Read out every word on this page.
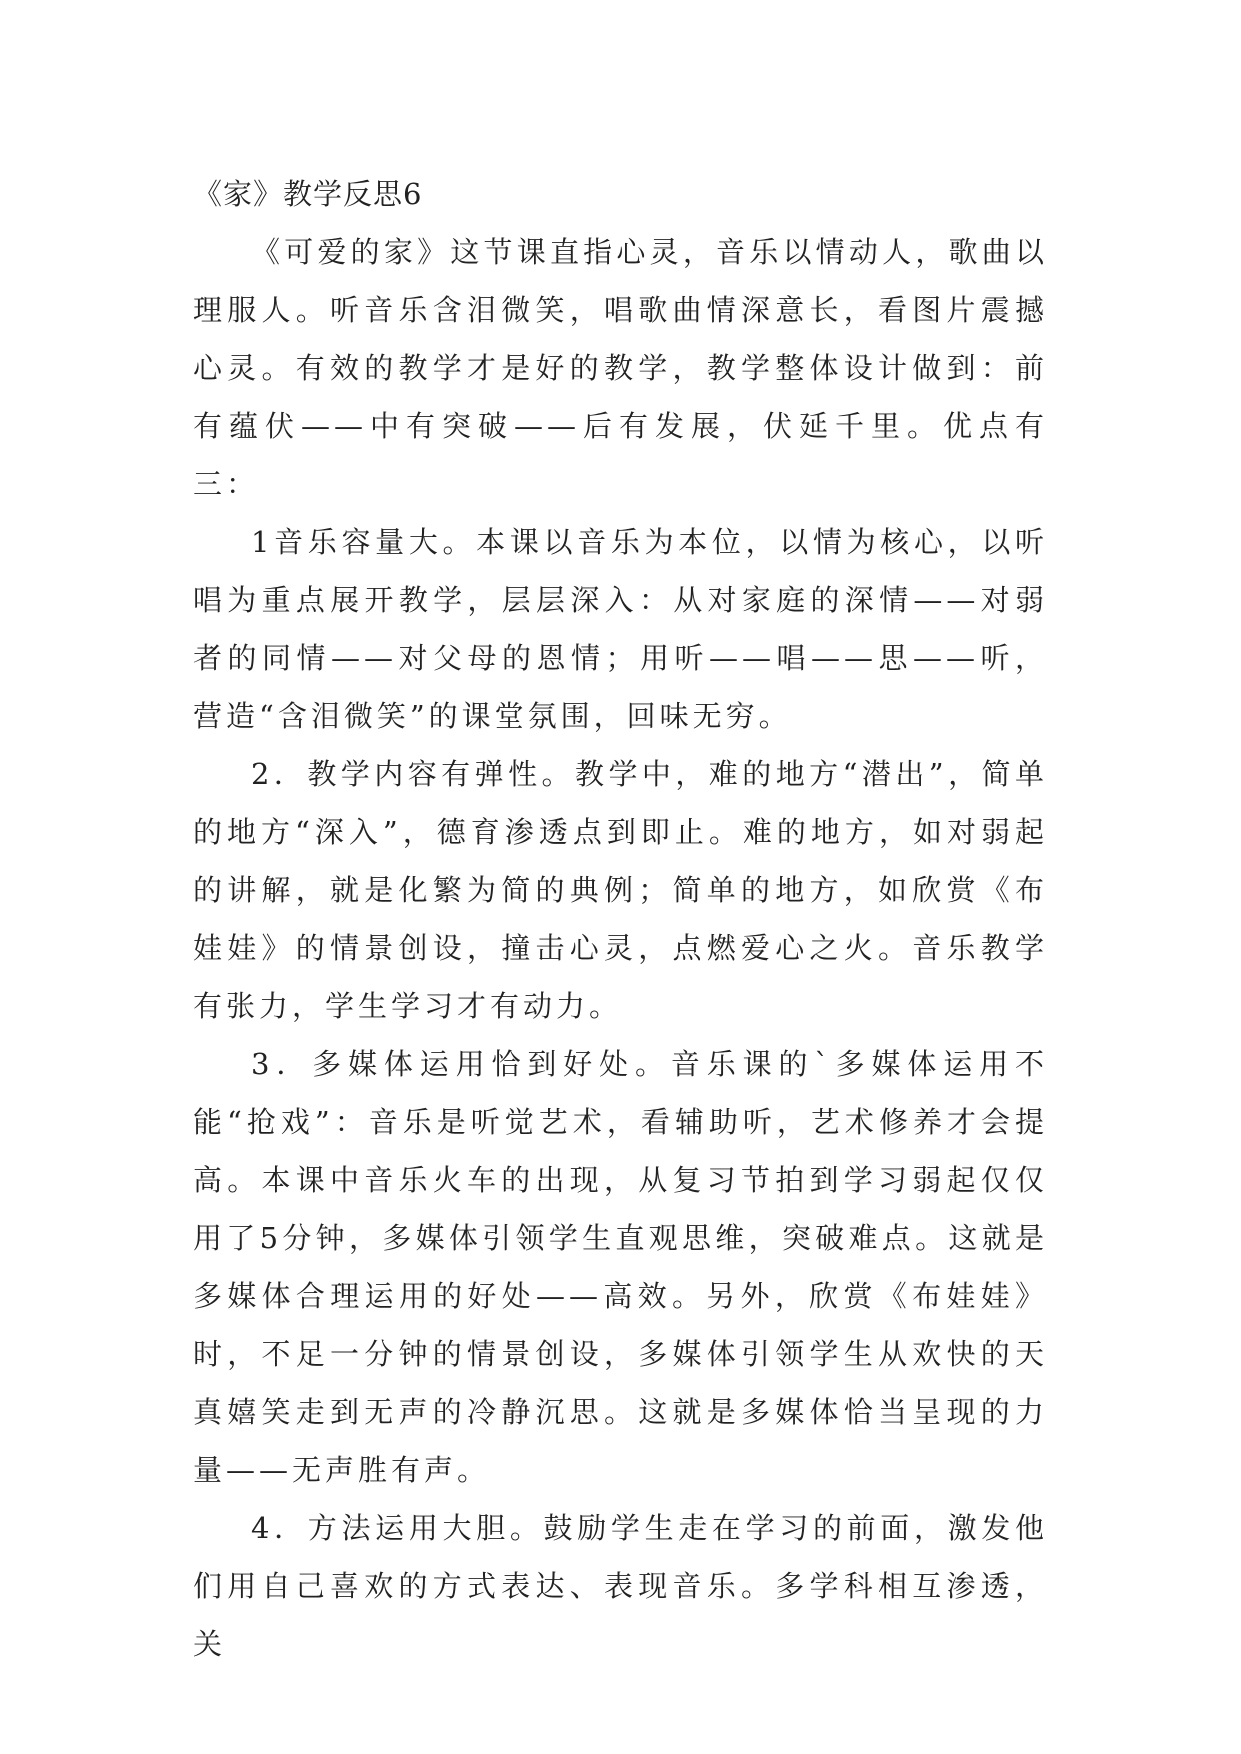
《家》教学反思6

《可爱的家》这节课直指心灵，音乐以情动人，歌曲以理服人。听音乐含泪微笑，唱歌曲情深意长，看图片震撼心灵。有效的教学才是好的教学，教学整体设计做到：前有蕴伏——中有突破——后有发展，伏延千里。优点有三：

1音乐容量大。本课以音乐为本位，以情为核心，以听唱为重点展开教学，层层深入：从对家庭的深情——对弱者的同情——对父母的恩情；用听——唱——思——听，营造“含泪微笑”的课堂氛围，回味无穷。

2．教学内容有弹性。教学中，难的地方“潜出”，简单的地方“深入”，德育渗透点到即止。难的地方，如对弱起的讲解，就是化繁为简的典例；简单的地方，如欣赏《布娃娃》的情景创设，撞击心灵，点燃爱心之火。音乐教学有张力，学生学习才有动力。

3．多媒体运用恰到好处。音乐课的`多媒体运用不能“抢戏”：音乐是听觉艺术，看辅助听，艺术修养才会提高。本课中音乐火车的出现，从复习节拍到学习弱起仅仅用了5分钟，多媒体引领学生直观思维，突破难点。这就是多媒体合理运用的好处——高效。另外，欣赏《布娃娃》时，不足一分钟的情景创设，多媒体引领学生从欢快的天真嬉笑走到无声的冷静沉思。这就是多媒体恰当呈现的力量——无声胜有声。

4．方法运用大胆。鼓励学生走在学习的前面，激发他们用自己喜欢的方式表达、表现音乐。多学科相互渗透，关
